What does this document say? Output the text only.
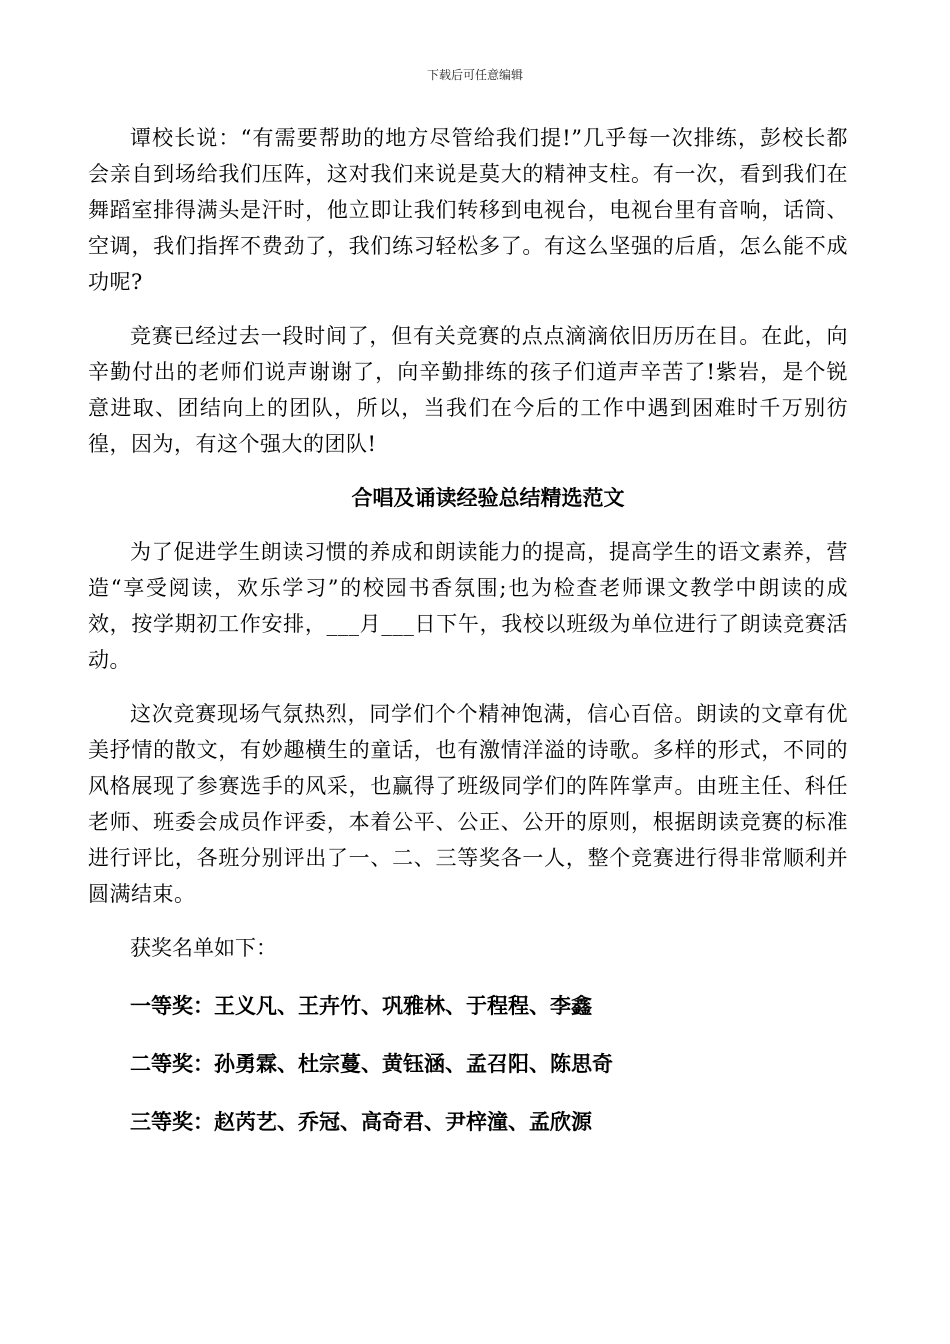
下载后可任意编辑

谭校长说：“有需要帮助的地方尽管给我们提!”几乎每一次排练，彭校长都会亲自到场给我们压阵，这对我们来说是莫大的精神支柱。有一次，看到我们在舞蹈室排得满头是汗时，他立即让我们转移到电视台，电视台里有音响，话筒、空调，我们指挥不费劲了，我们练习轻松多了。有这么坚强的后盾，怎么能不成功呢?

竞赛已经过去一段时间了，但有关竞赛的点点滴滴依旧历历在目。在此，向辛勤付出的老师们说声谢谢了，向辛勤排练的孩子们道声辛苦了!紫岩，是个锐意进取、团结向上的团队，所以，当我们在今后的工作中遇到困难时千万别彷徨，因为，有这个强大的团队!

合唱及诵读经验总结精选范文

为了促进学生朗读习惯的养成和朗读能力的提高，提高学生的语文素养，营造“享受阅读，欢乐学习”的校园书香氛围;也为检查老师课文教学中朗读的成效，按学期初工作安排，___月___日下午，我校以班级为单位进行了朗读竞赛活动。

这次竞赛现场气氛热烈，同学们个个精神饱满，信心百倍。朗读的文章有优美抒情的散文，有妙趣横生的童话，也有激情洋溢的诗歌。多样的形式，不同的风格展现了参赛选手的风采，也赢得了班级同学们的阵阵掌声。由班主任、科任老师、班委会成员作评委，本着公平、公正、公开的原则，根据朗读竞赛的标准进行评比，各班分别评出了一、二、三等奖各一人，整个竞赛进行得非常顺利并圆满结束。

获奖名单如下：
一等奖：王义凡、王卉竹、巩雅林、于程程、李鑫
二等奖：孙勇霖、杜宗蔓、黄钰涵、孟召阳、陈思奇
三等奖：赵芮艺、乔冠、高奇君、尹梓潼、孟欣源
